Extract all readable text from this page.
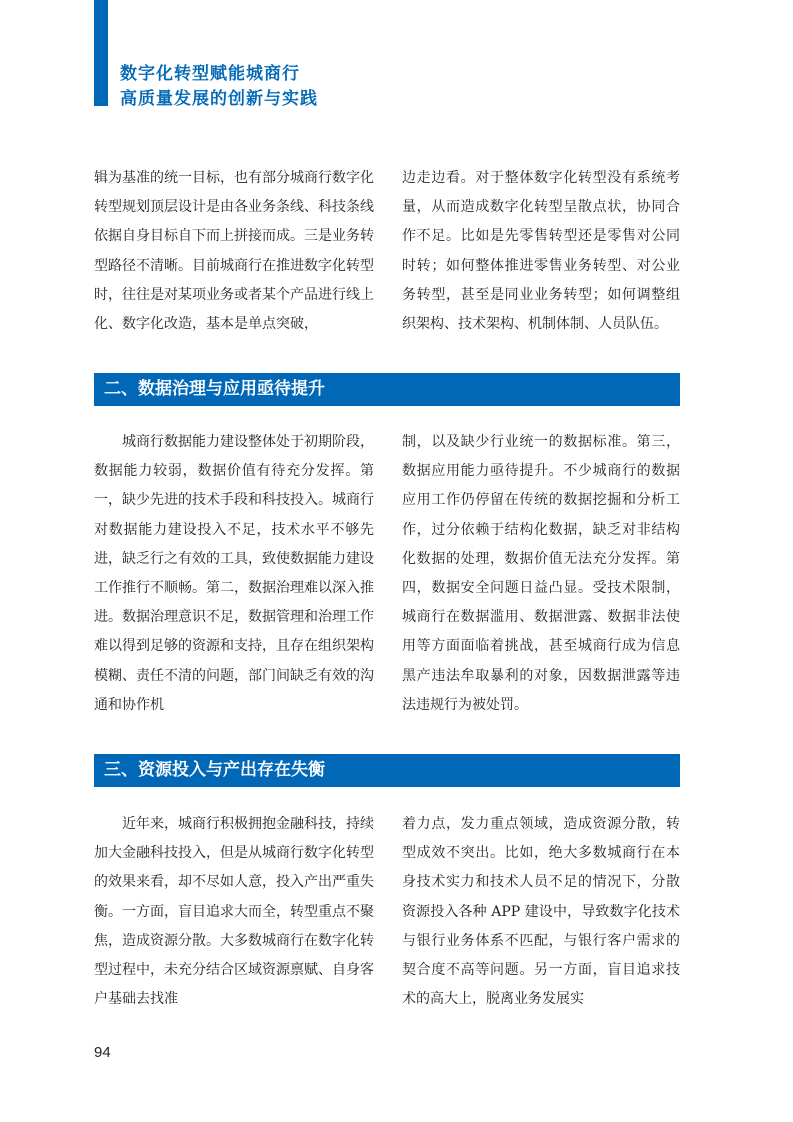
数字化转型赋能城商行
高质量发展的创新与实践

辑为基准的统一目标，也有部分城商行数字化转型规划顶层设计是由各业务条线、科技条线依据自身目标自下而上拼接而成。三是业务转型路径不清晰。目前城商行在推进数字化转型时，往往是对某项业务或者某个产品进行线上化、数字化改造，基本是单点突破，

边走边看。对于整体数字化转型没有系统考量，从而造成数字化转型呈散点状，协同合作不足。比如是先零售转型还是零售对公同时转；如何整体推进零售业务转型、对公业务转型，甚至是同业业务转型；如何调整组织架构、技术架构、机制体制、人员队伍。

二、数据治理与应用亟待提升

城商行数据能力建设整体处于初期阶段，数据能力较弱，数据价值有待充分发挥。第一，缺少先进的技术手段和科技投入。城商行对数据能力建设投入不足，技术水平不够先进，缺乏行之有效的工具，致使数据能力建设工作推行不顺畅。第二，数据治理难以深入推进。数据治理意识不足，数据管理和治理工作难以得到足够的资源和支持，且存在组织架构模糊、责任不清的问题，部门间缺乏有效的沟通和协作机

制，以及缺少行业统一的数据标准。第三，数据应用能力亟待提升。不少城商行的数据应用工作仍停留在传统的数据挖掘和分析工作，过分依赖于结构化数据，缺乏对非结构化数据的处理，数据价值无法充分发挥。第四，数据安全问题日益凸显。受技术限制，城商行在数据滥用、数据泄露、数据非法使用等方面面临着挑战，甚至城商行成为信息黑产违法牟取暴利的对象，因数据泄露等违法违规行为被处罚。

三、资源投入与产出存在失衡

近年来，城商行积极拥抱金融科技，持续加大金融科技投入，但是从城商行数字化转型的效果来看，却不尽如人意，投入产出严重失衡。一方面，盲目追求大而全，转型重点不聚焦，造成资源分散。大多数城商行在数字化转型过程中，未充分结合区域资源禀赋、自身客户基础去找准

着力点，发力重点领域，造成资源分散，转型成效不突出。比如，绝大多数城商行在本身技术实力和技术人员不足的情况下，分散资源投入各种 APP 建设中，导致数字化技术与银行业务体系不匹配，与银行客户需求的契合度不高等问题。另一方面，盲目追求技术的高大上，脱离业务发展实

94
